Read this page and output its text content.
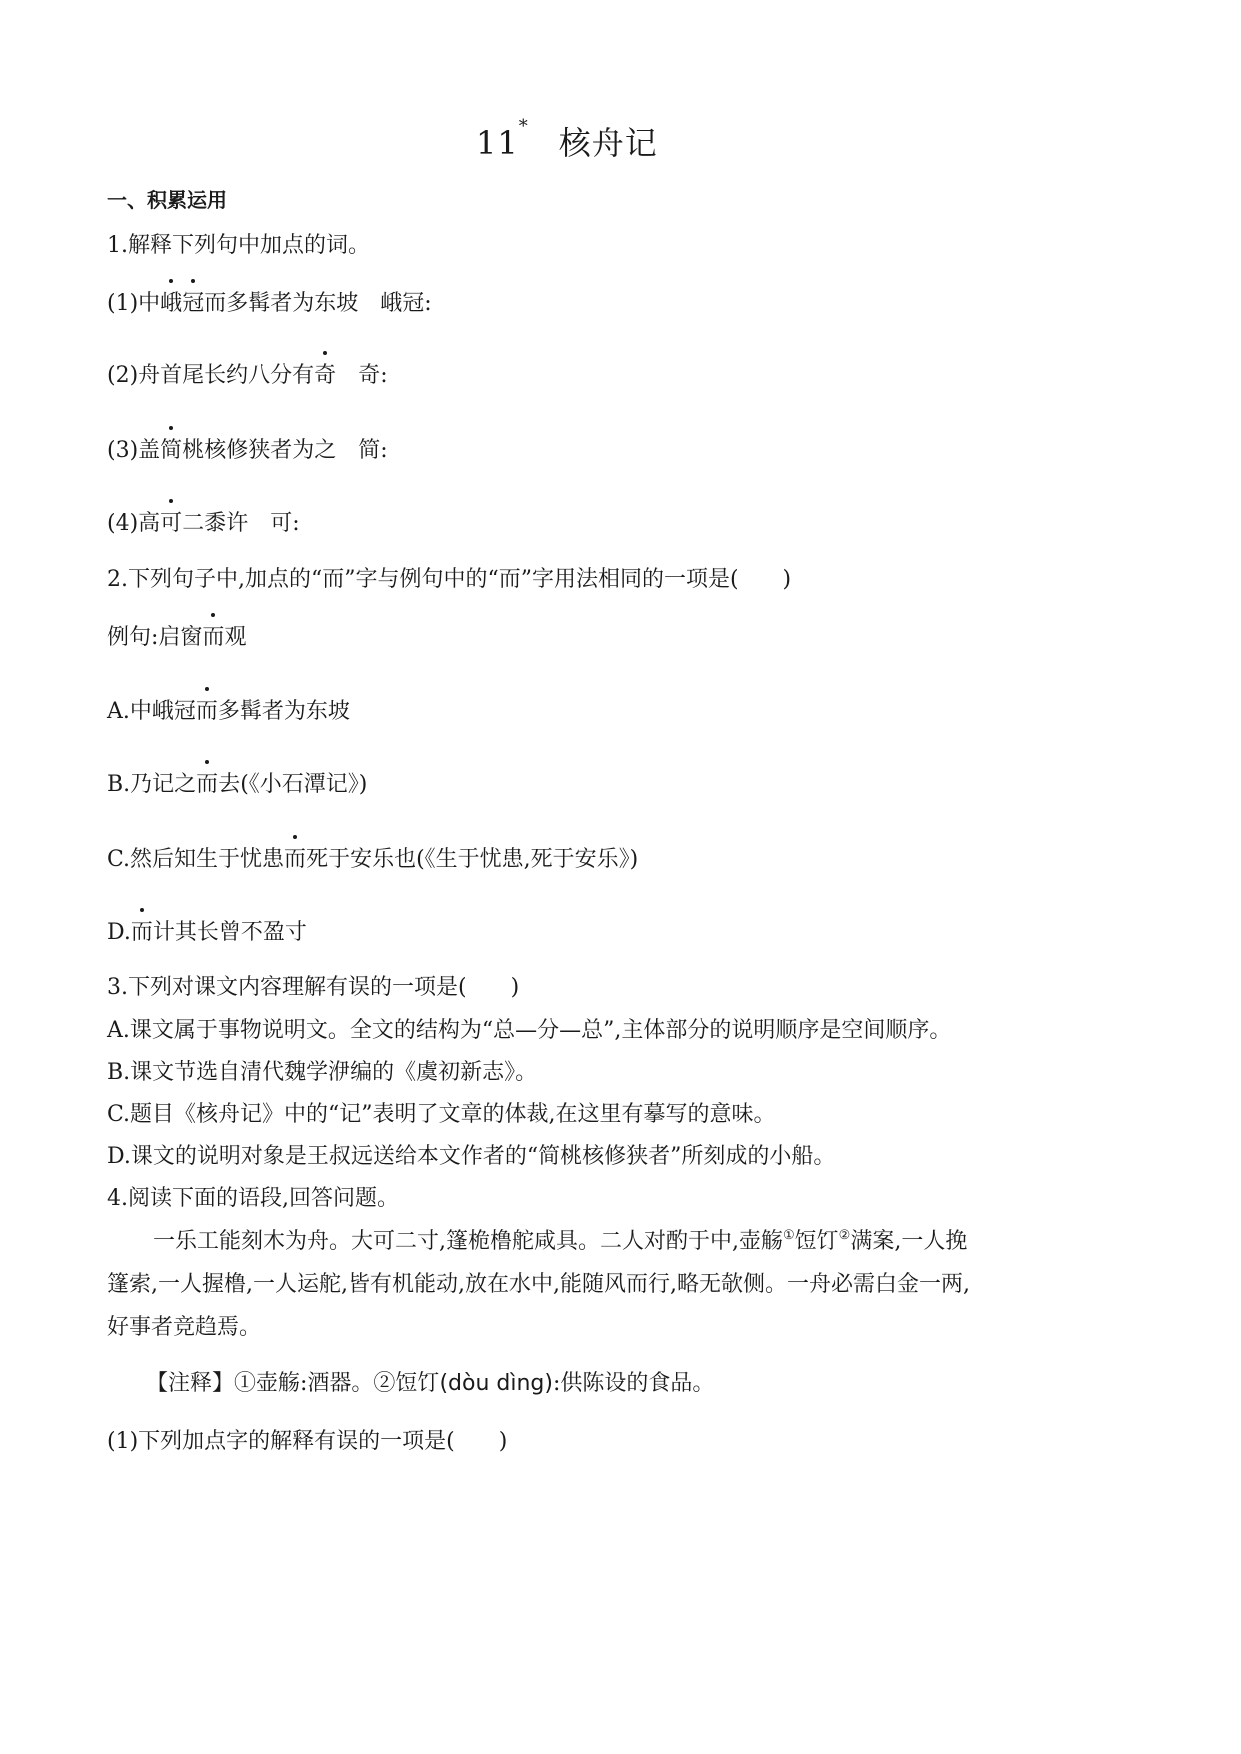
11* 核舟记
一、积累运用
1.解释下列句中加点的词。
(1)中峨冠而多髯者为东坡 峨冠:
(2)舟首尾长约八分有奇 奇:
(3)盖简桃核修狭者为之 简:
(4)高可二黍许 可:
2.下列句子中,加点的“而”字与例句中的“而”字用法相同的一项是(　　)
例句:启窗而观
A.中峨冠而多髯者为东坡
B.乃记之而去(《小石潭记》)
C.然后知生于忧患而死于安乐也(《生于忧患,死于安乐》)
D.而计其长曾不盈寸
3.下列对课文内容理解有误的一项是(　　)
A.课文属于事物说明文。全文的结构为“总—分—总”,主体部分的说明顺序是空间顺序。
B.课文节选自清代魏学洢编的《虞初新志》。
C.题目《核舟记》中的“记”表明了文章的体裁,在这里有摹写的意味。
D.课文的说明对象是王叔远送给本文作者的“简桃核修狭者”所刻成的小船。
4.阅读下面的语段,回答问题。
一乐工能刻木为舟。大可二寸,篷桅橹舵咸具。二人对酌于中,壶觞①饾饤②满案,一人挽
篷索,一人握橹,一人运舵,皆有机能动,放在水中,能随风而行,略无欹侧。一舟必需白金一两,
好事者竞趋焉。
【注释】①壶觞:酒器。②饾饤(dòu dìng):供陈设的食品。
(1)下列加点字的解释有误的一项是(　　)
